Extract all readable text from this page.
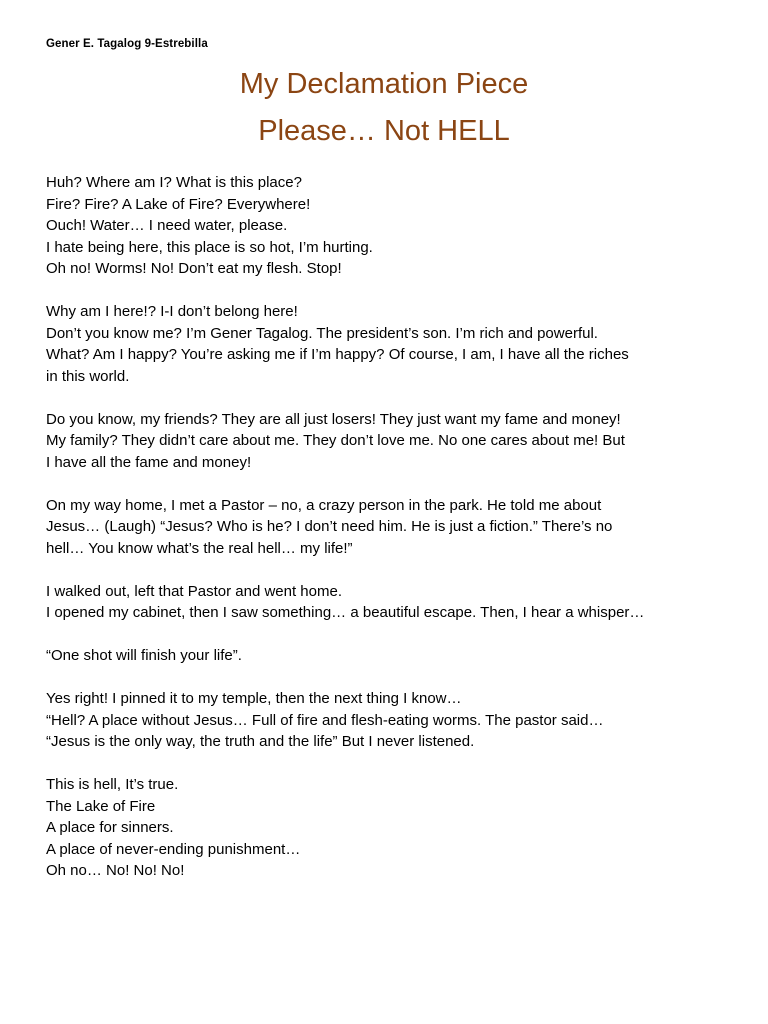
Gener E. Tagalog 9-Estrebilla
My Declamation Piece
Please… Not HELL
Huh? Where am I? What is this place?
Fire? Fire? A Lake of Fire? Everywhere!
Ouch! Water… I need water, please.
I hate being here, this place is so hot, I’m hurting.
Oh no! Worms! No! Don’t eat my flesh. Stop!
Why am I here!? I-I don’t belong here!
Don’t you know me? I’m Gener Tagalog. The president’s son. I’m rich and powerful.
What? Am I happy? You’re asking me if I’m happy? Of course, I am, I have all the riches
in this world.
Do you know, my friends? They are all just losers! They just want my fame and money!
My family? They didn’t care about me. They don’t love me. No one cares about me! But
I have all the fame and money!
On my way home, I met a Pastor – no, a crazy person in the park. He told me about
Jesus… (Laugh) “Jesus? Who is he? I don’t need him. He is just a fiction.” There’s no
hell… You know what’s the real hell… my life!”
I walked out, left that Pastor and went home.
I opened my cabinet, then I saw something… a beautiful escape. Then, I hear a whisper…
“One shot will finish your life”.
Yes right! I pinned it to my temple, then the next thing I know…
“Hell? A place without Jesus… Full of fire and flesh-eating worms. The pastor said…
“Jesus is the only way, the truth and the life” But I never listened.
This is hell, It’s true.
The Lake of Fire
A place for sinners.
A place of never-ending punishment…
Oh no… No! No! No!
